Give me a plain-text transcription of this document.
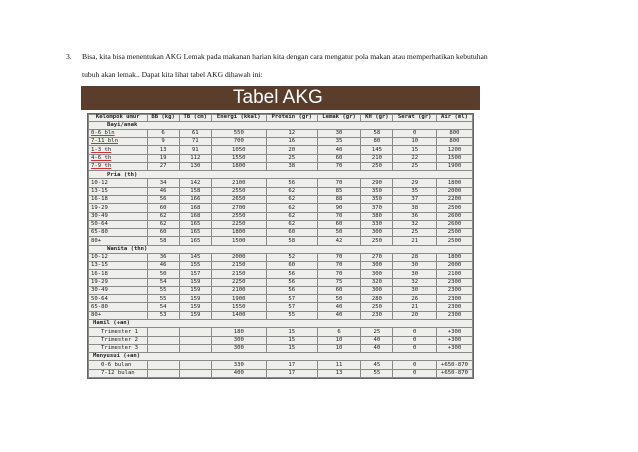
3. Bisa, kita bisa menentukan AKG Lemak pada makanan harian kita dengan cara mengatur pola makan atau memperhatikan kebutuhan
tubuh akan lemak.. Dapat kita lihat tabel AKG dihawah ini:
Tabel AKG
Kelompok umur	BB (kg)	TB (cm)	Energi (kkal)	Protein (gr)	Lemak (gr)	KH (gr)	Serat (gr)	Air (ml)
Bayi/anak								
0-6 bln	6	61	550	12	30	58	0	800
7-11 bln	9	71	700	16	35	80	10	800
1-3 th	13	91	1050	20	40	145	15	1200
4-6 th	19	112	1550	25	60	210	22	1500
7-9 th	27	130	1800	38	70	250	25	1900
Pria (th)								
10-12	34	142	2100	56	70	290	29	1800
13-15	46	158	2550	62	85	350	35	2000
16-18	56	166	2650	62	88	350	37	2200
19-29	60	168	2700	62	90	370	38	2500
30-49	62	168	2550	62	70	380	36	2600
50-64	62	165	2250	62	60	330	32	2600
65-80	60	165	1800	60	50	300	25	2500
80+	58	165	1500	58	42	250	21	2500
Wanita (thn)								
10-12	36	145	2000	52	70	270	28	1800
13-15	46	155	2150	60	70	300	30	2000
16-18	50	157	2150	56	70	300	30	2100
19-29	54	159	2250	56	75	320	32	2300
30-49	55	159	2100	56	60	300	30	2300
50-64	55	159	1900	57	50	280	26	2300
65-80	54	159	1550	57	40	250	21	2300
80+	53	159	1400	55	40	230	20	2300
Hamil (+an)								
Trimester 1			180	15	6	25	0	+300
Trimester 2			300	15	10	40	0	+300
Trimester 3			300	15	10	40	0	+300
Menyusui (+an)								
0-6 bulan			330	17	11	45	0	+650-870
7-12 bulan			400	17	13	55	0	+650-870
